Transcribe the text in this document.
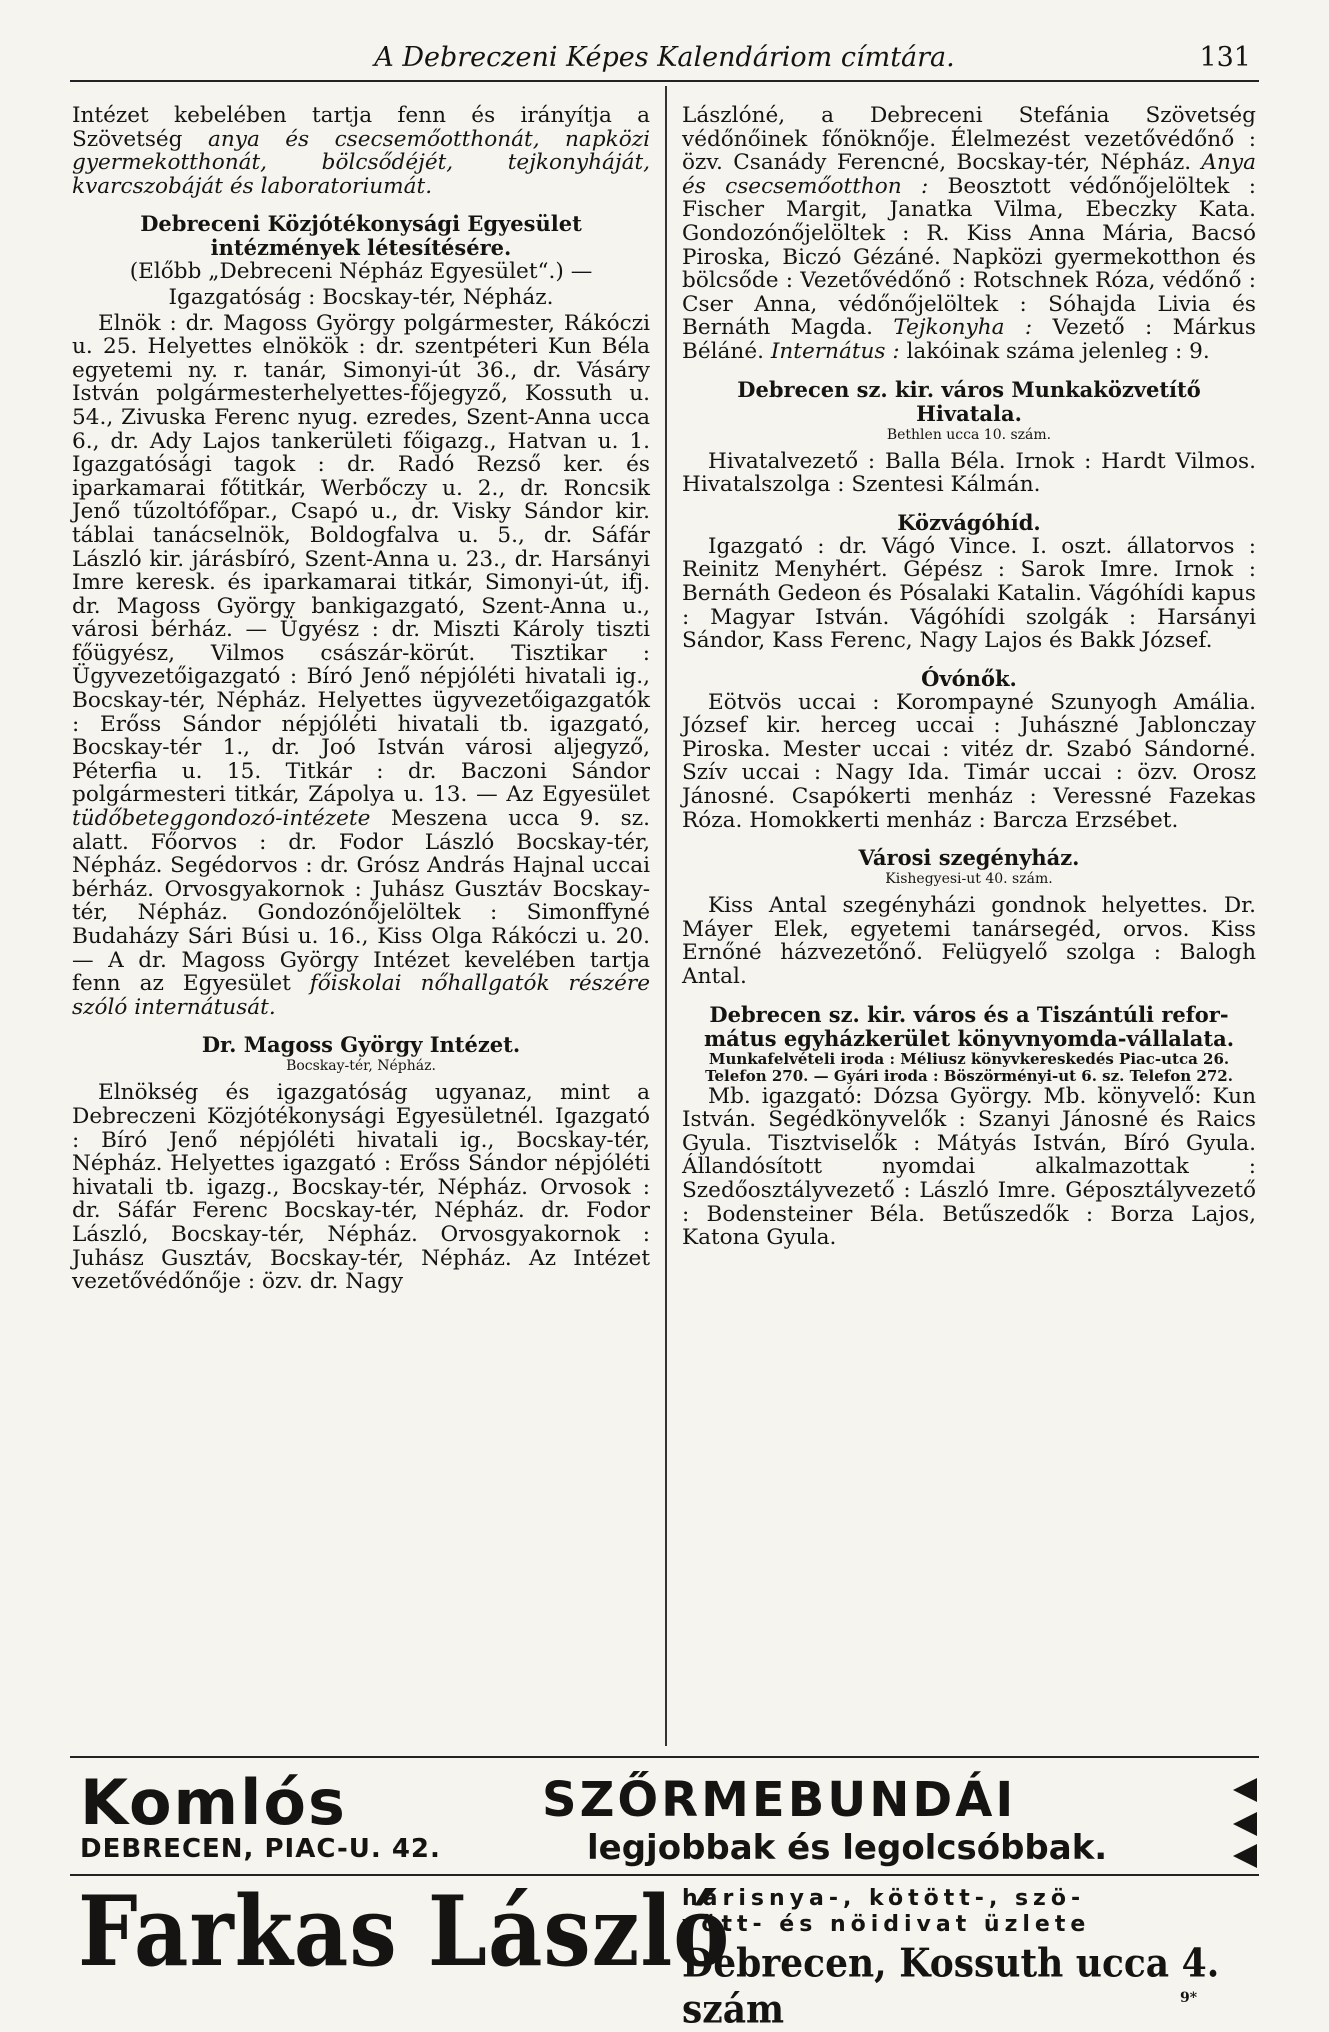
A Debreczeni Képes Kalendáriom címtára.	131

Intézet kebelében tartja fenn és irányítja a Szövetség anya és csecsemőotthonát, napközi gyermekotthonát, bölcsődéjét, tejkonyháját, kvarcszobáját és laboratoriumát.

Debreceni Közjótékonysági Egyesület
intézmények létesítésére.

(Előbb „Debreceni Népház Egyesület“.) —

Igazgatóság : Bocskay-tér, Népház.

Elnök : dr. Magoss György polgármester, Rákóczi u. 25. Helyettes elnökök : dr. szentpéteri Kun Béla egyetemi ny. r. tanár, Simonyi-út 36., dr. Vásáry István polgármesterhelyettes-főjegyző, Kossuth u. 54., Zivuska Ferenc nyug. ezredes, Szent-Anna ucca 6., dr. Ady Lajos tankerületi főigazg., Hatvan u. 1. Igazgatósági tagok : dr. Radó Rezső ker. és iparkamarai főtitkár, Werbőczy u. 2., dr. Roncsik Jenő tűzoltófőpar., Csapó u., dr. Visky Sándor kir. táblai tanácselnök, Boldogfalva u. 5., dr. Sáfár László kir. járásbíró, Szent-Anna u. 23., dr. Harsányi Imre keresk. és iparkamarai titkár, Simonyi-út, ifj. dr. Magoss György bankigazgató, Szent-Anna u., városi bérház. — Ügyész : dr. Miszti Károly tiszti főügyész, Vilmos császár-körút. Tisztikar : Ügyvezetőigazgató : Bíró Jenő népjóléti hivatali ig., Bocskay-tér, Népház. Helyettes ügyvezetőigazgatók : Erőss Sándor népjóléti hivatali tb. igazgató, Bocskay-tér 1., dr. Joó István városi aljegyző, Péterfia u. 15. Titkár : dr. Baczoni Sándor polgármesteri titkár, Zápolya u. 13. — Az Egyesület tüdőbeteggondozó-intézete Meszena ucca 9. sz. alatt. Főorvos : dr. Fodor László Bocskay-tér, Népház. Segédorvos : dr. Grósz András Hajnal uccai bérház. Orvosgyakornok : Juhász Gusztáv Bocskay-tér, Népház. Gondozónőjelöltek : Simonffyné Budaházy Sári Búsi u. 16., Kiss Olga Rákóczi u. 20. — A dr. Magoss György Intézet kevelében tartja fenn az Egyesület főiskolai nőhallgatók részére szóló internátusát.

Dr. Magoss György Intézet.
Bocskay-tér, Népház.

Elnökség és igazgatóság ugyanaz, mint a Debreczeni Közjótékonysági Egyesületnél. Igazgató : Bíró Jenő népjóléti hivatali ig., Bocskay-tér, Népház. Helyettes igazgató : Erőss Sándor népjóléti hivatali tb. igazg., Bocskay-tér, Népház. Orvosok : dr. Sáfár Ferenc Bocskay-tér, Népház. dr. Fodor László, Bocskay-tér, Népház. Orvosgyakornok : Juhász Gusztáv, Bocskay-tér, Népház. Az Intézet vezetővédőnője : özv. dr. Nagy

Lászlóné, a Debreceni Stefánia Szövetség védőnőinek főnöknője. Élelmezést vezetővédőnő : özv. Csanády Ferencné, Bocskay-tér, Népház. Anya és csecsemőotthon : Beosztott védőnőjelöltek : Fischer Margit, Janatka Vilma, Ebeczky Kata. Gondozónőjelöltek : R. Kiss Anna Mária, Bacsó Piroska, Biczó Gézáné. Napközi gyermekotthon és bölcsőde : Vezetővédőnő : Rotschnek Róza, védőnő : Cser Anna, védőnőjelöltek : Sóhajda Livia és Bernáth Magda. Tejkonyha : Vezető : Márkus Béláné. Internátus : lakóinak száma jelenleg : 9.

Debrecen sz. kir. város Munkaközvetítő
Hivatala.
Bethlen ucca 10. szám.

Hivatalvezető : Balla Béla. Irnok : Hardt Vilmos. Hivatalszolga : Szentesi Kálmán.

Közvágóhíd.

Igazgató : dr. Vágó Vince. I. oszt. állatorvos : Reinitz Menyhért. Gépész : Sarok Imre. Irnok : Bernáth Gedeon és Pósalaki Katalin. Vágóhídi kapus : Magyar István. Vágóhídi szolgák : Harsányi Sándor, Kass Ferenc, Nagy Lajos és Bakk József.

Óvónők.

Eötvös uccai : Korompayné Szunyogh Amália. József kir. herceg uccai : Juhászné Jablonczay Piroska. Mester uccai : vitéz dr. Szabó Sándorné. Szív uccai : Nagy Ida. Timár uccai : özv. Orosz Jánosné. Csapókerti menház : Veressné Fazekas Róza. Homokkerti menház : Barcza Erzsébet.

Városi szegényház.
Kishegyesi-ut 40. szám.

Kiss Antal szegényházi gondnok helyettes. Dr. Máyer Elek, egyetemi tanársegéd, orvos. Kiss Ernőné házvezetőnő. Felügyelő szolga : Balogh Antal.

Debrecen sz. kir. város és a Tiszántúli refor-
mátus egyházkerület könyvnyomda-vállalata.
Munkafelvételi iroda : Méliusz könyvkereskedés Piac-utca 26. Telefon 270. — Gyári iroda : Böszörményi-ut 6. sz. Telefon 272.

Mb. igazgató: Dózsa György. Mb. könyvelő: Kun István. Segédkönyvelők : Szanyi Jánosné és Raics Gyula. Tisztviselők : Mátyás István, Bíró Gyula. Állandósított nyomdai alkalmazottak : Szedőosztályvezető : László Imre. Géposztályvezető : Bodensteiner Béla. Betűszedők : Borza Lajos, Katona Gyula.

Komlós	SZŐRMEBUNDÁI
DEBRECEN, PIAC-U. 42.	legjobbak és legolcsóbbak.
Farkas László
harisnya-, kötött-, szö-
vött- és nöidivat üzlete
Debrecen, Kossuth ucca 4. szám	9*
